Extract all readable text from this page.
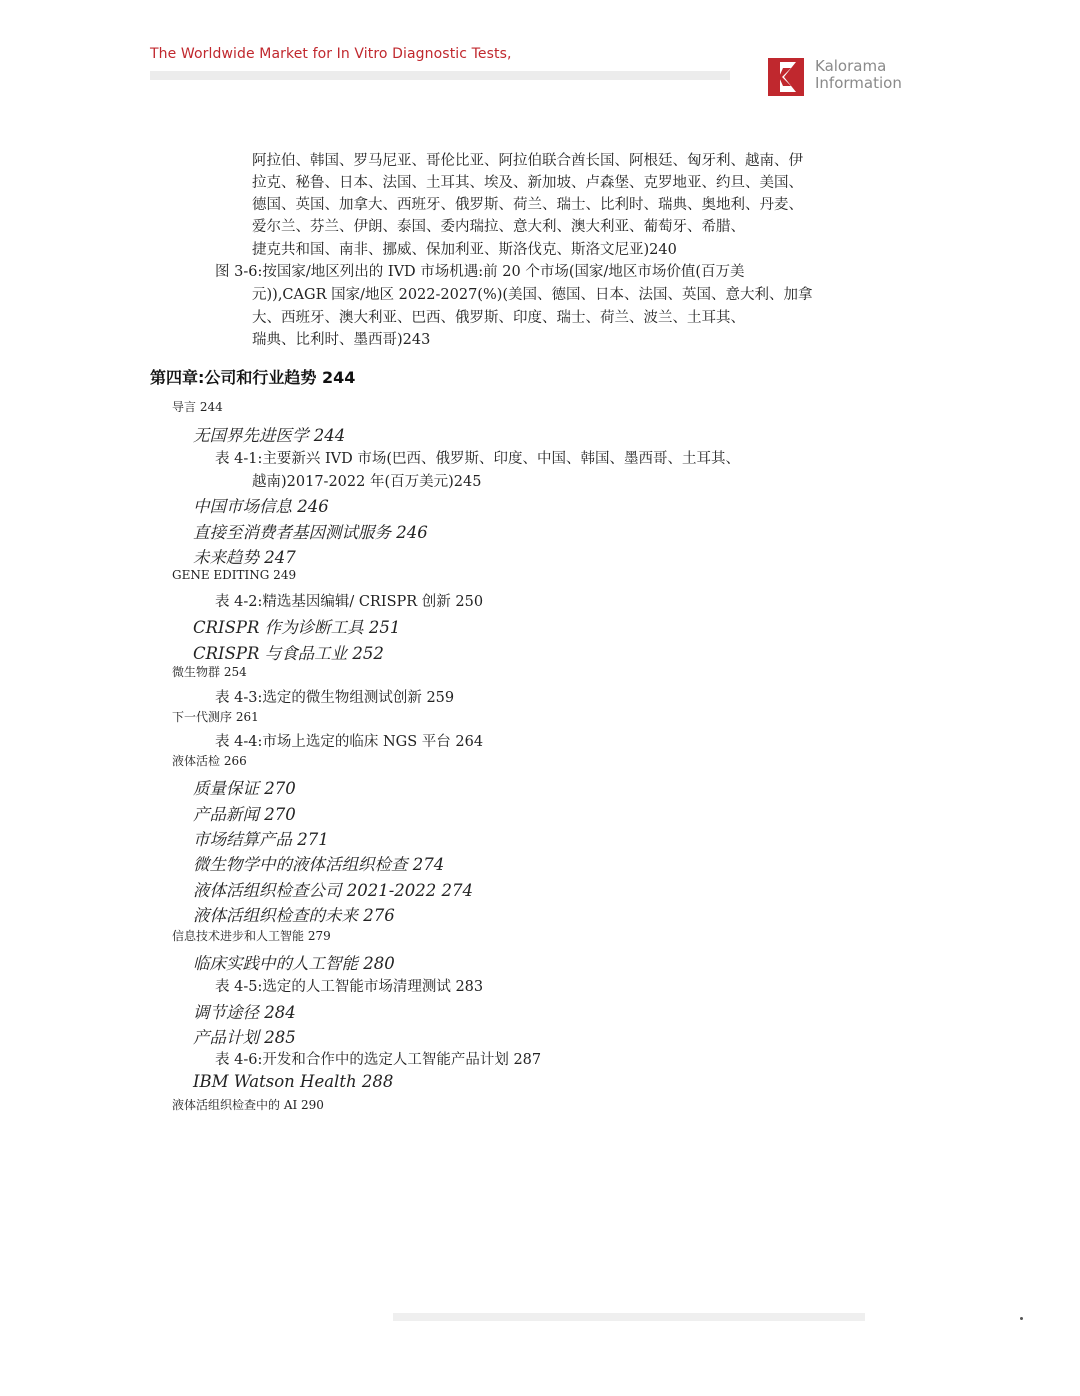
The Worldwide Market for In Vitro Diagnostic Tests,
Kalorama
Information
阿拉伯、韩国、罗马尼亚、哥伦比亚、阿拉伯联合酋长国、阿根廷、匈牙利、越南、伊
拉克、秘鲁、日本、法国、土耳其、埃及、新加坡、卢森堡、克罗地亚、约旦、美国、
德国、英国、加拿大、西班牙、俄罗斯、荷兰、瑞士、比利时、瑞典、奥地利、丹麦、
爱尔兰、芬兰、伊朗、泰国、委内瑞拉、意大利、澳大利亚、葡萄牙、希腊、
捷克共和国、南非、挪威、保加利亚、斯洛伐克、斯洛文尼亚)240
图 3-6:按国家/地区列出的 IVD 市场机遇:前 20 个市场(国家/地区市场价值(百万美
元)),CAGR 国家/地区 2022-2027(%)(美国、德国、日本、法国、英国、意大利、加拿
大、西班牙、澳大利亚、巴西、俄罗斯、印度、瑞士、荷兰、波兰、土耳其、
瑞典、比利时、墨西哥)243
第四章:公司和行业趋势 244
导言 244
无国界先进医学 244
表 4-1:主要新兴 IVD 市场(巴西、俄罗斯、印度、中国、韩国、墨西哥、土耳其、
越南)2017-2022 年(百万美元)245
中国市场信息 246
直接至消费者基因测试服务 246
未来趋势 247
GENE EDITING 249
表 4-2:精选基因编辑/ CRISPR 创新 250
CRISPR 作为诊断工具 251
CRISPR 与食品工业 252
微生物群 254
表 4-3:选定的微生物组测试创新 259
下一代测序 261
表 4-4:市场上选定的临床 NGS 平台 264
液体活检 266
质量保证 270
产品新闻 270
市场结算产品 271
微生物学中的液体活组织检查 274
液体活组织检查公司 2021-2022 274
液体活组织检查的未来 276
信息技术进步和人工智能 279
临床实践中的人工智能 280
表 4-5:选定的人工智能市场清理测试 283
调节途径 284
产品计划 285
表 4-6:开发和合作中的选定人工智能产品计划 287
IBM Watson Health 288
液体活组织检查中的 AI 290
